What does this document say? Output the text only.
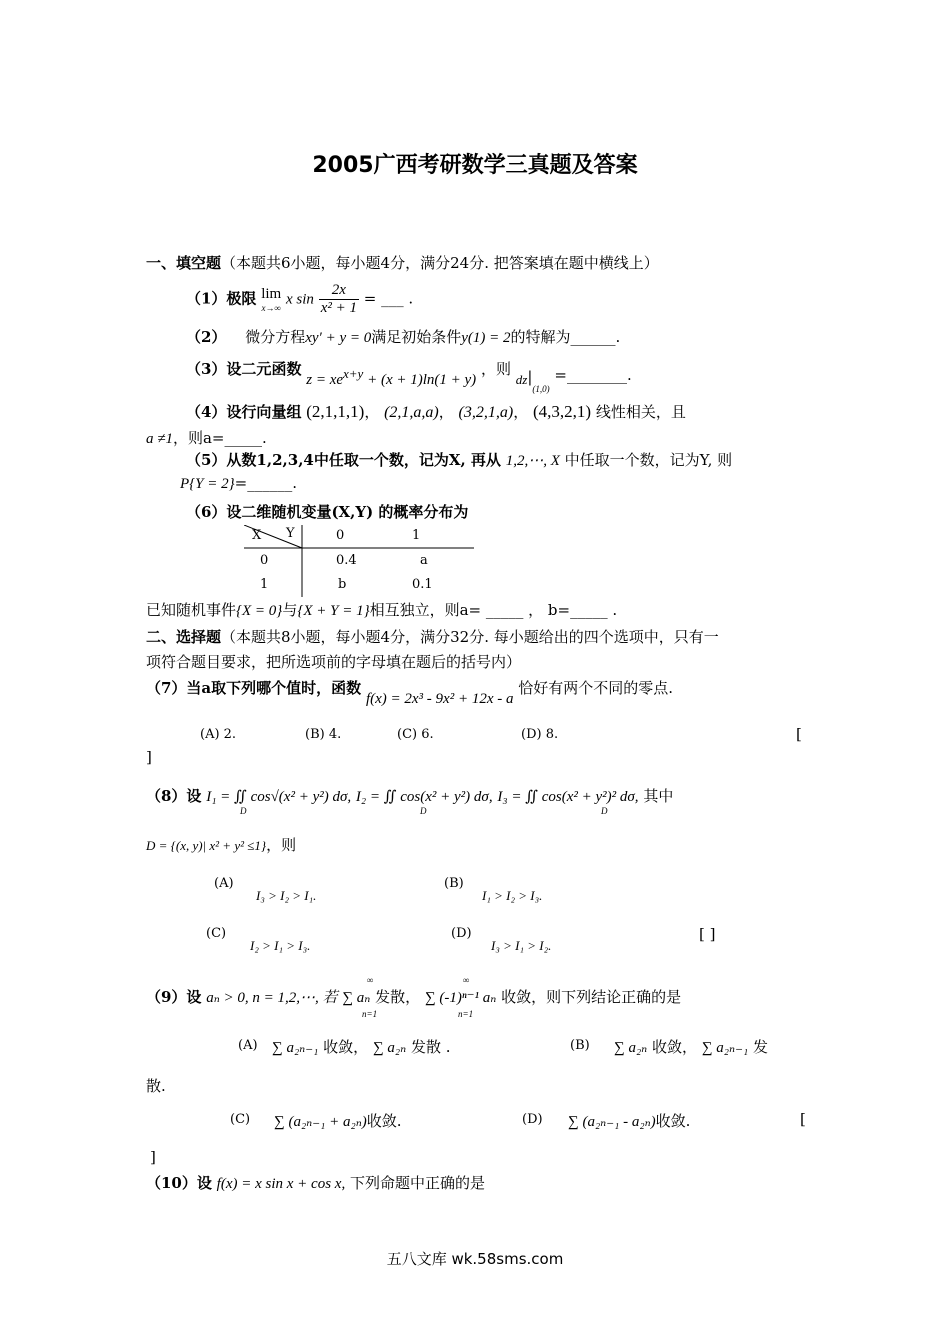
2005广西考研数学三真题及答案
一、填空题（本题共6小题，每小题4分，满分24分. 把答案填在题中横线上）
（1）极限 lim
x→∞
x $\sin \frac{2x}{\text{x² + 1}}$ = ___ .
（2） 微分方程xy′ + y = 0满足初始条件y(1) = 2的特解为______.
（3）设二元函数 $z = xe^{x+y} + (x + 1)\ln(1 + y)$ ，则 $dz|_{(1,0)}$ =________.
（4）设行向量组 (2,1,1,1)， (2,1,a,a)， (3,2,1,a)， (4,3,2,1) 线性相关，且
a ≠1，则a=_____.
（5）从数1,2,3,4中任取一个数，记为X, 再从 1,2,⋯, X 中任取一个数，记为Y, 则
P{Y = 2}=______.
（6）设二维随机变量(X,Y) 的概率分布为
X Y	0	1
0	0.4	a
1	b	0.1
已知随机事件{X = 0}与{X + Y = 1}相互独立，则a= _____ ， b=_____ .
二、选择题（本题共8小题，每小题4分，满分32分. 每小题给出的四个选项中，只有一
项符合题目要求，把所选项前的字母填在题后的括号内）
（7）当a取下列哪个值时，函数 f(x) = 2x³ - 9x² + 12x - a 恰好有两个不同的零点.
(A) 2.	(B) 4.	(C) 6.	(D) 8.	[
]
（8）设 I₁ = ∬ cos√(x² + y²) dσ, I₂ = ∬ cos(x² + y²) dσ, I₃ = ∬ cos(x² + y²)² dσ, 其中
D	D	D
D = {(x, y)| x² + y² ≤1}，则
(A)
I₃ > I₂ > I₁.
(B)
I₁ > I₂ > I₃.
(C)
I₂ > I₁ > I₃.
(D)
I₃ > I₁ > I₂.
[ ]
∞	∞
（9）设 aₙ > 0, n = 1,2,⋯, 若 ∑ aₙ 发散， ∑ (-1)ⁿ⁻¹ aₙ 收敛，则下列结论正确的是
n=1	n=1
(A) ∑ a₂ₙ₋₁ 收敛， ∑ a₂ₙ 发散 .	(B) ∑ a₂ₙ 收敛， ∑ a₂ₙ₋₁ 发
散.
(C) ∑ (a₂ₙ₋₁ + a₂ₙ)收敛.	(D) ∑ (a₂ₙ₋₁ - a₂ₙ)收敛.	[
]
（10）设 f(x) = x sin x + cos x, 下列命题中正确的是
五八文库 wk.58sms.com
